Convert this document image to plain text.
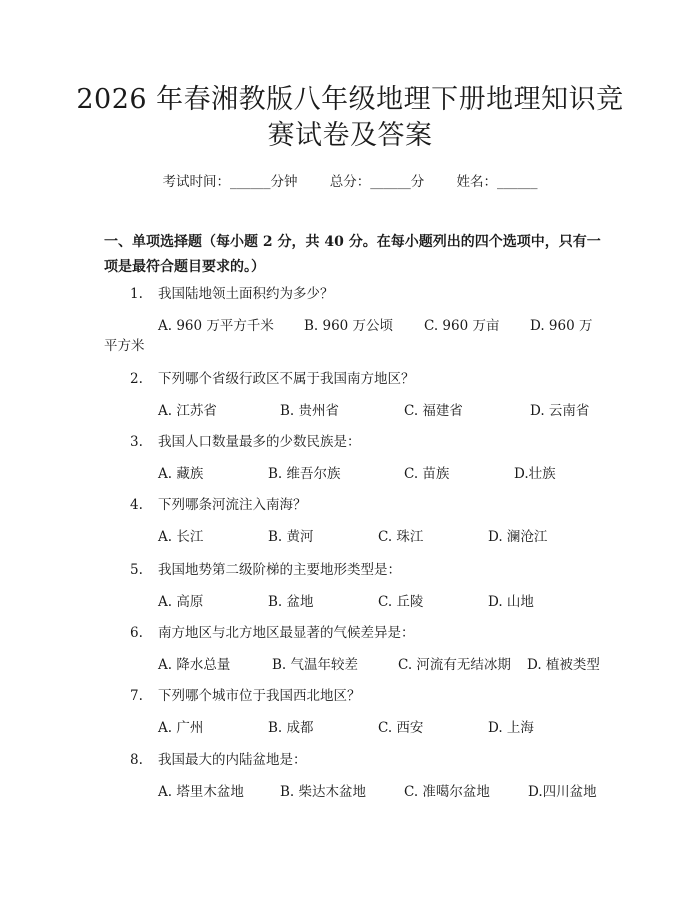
2026 年春湘教版八年级地理下册地理知识竞
赛试卷及答案
考试时间：______分钟 总分：______分 姓名：______
一、单项选择题（每小题 2 分，共 40 分。在每小题列出的四个选项中，只有一项是最符合题目要求的。）
1. 我国陆地领土面积约为多少？
A. 960 万平方千米 B. 960 万公顷 C. 960 万亩 D. 960 万
平方米
2. 下列哪个省级行政区不属于我国南方地区？
A. 江苏省	B. 贵州省	C. 福建省	D. 云南省
3. 我国人口数量最多的少数民族是：
A. 藏族	B. 维吾尔族	C. 苗族	D.壮族
4. 下列哪条河流注入南海？
A. 长江	B. 黄河	C. 珠江	D. 澜沧江
5. 我国地势第二级阶梯的主要地形类型是：
A. 高原	B. 盆地	C. 丘陵	D. 山地
6. 南方地区与北方地区最显著的气候差异是：
A. 降水总量	B. 气温年较差	C. 河流有无结冰期 D. 植被类型
7. 下列哪个城市位于我国西北地区？
A. 广州	B. 成都	C. 西安	D. 上海
8. 我国最大的内陆盆地是：
A. 塔里木盆地	B. 柴达木盆地	C. 准噶尔盆地	D.四川盆地
